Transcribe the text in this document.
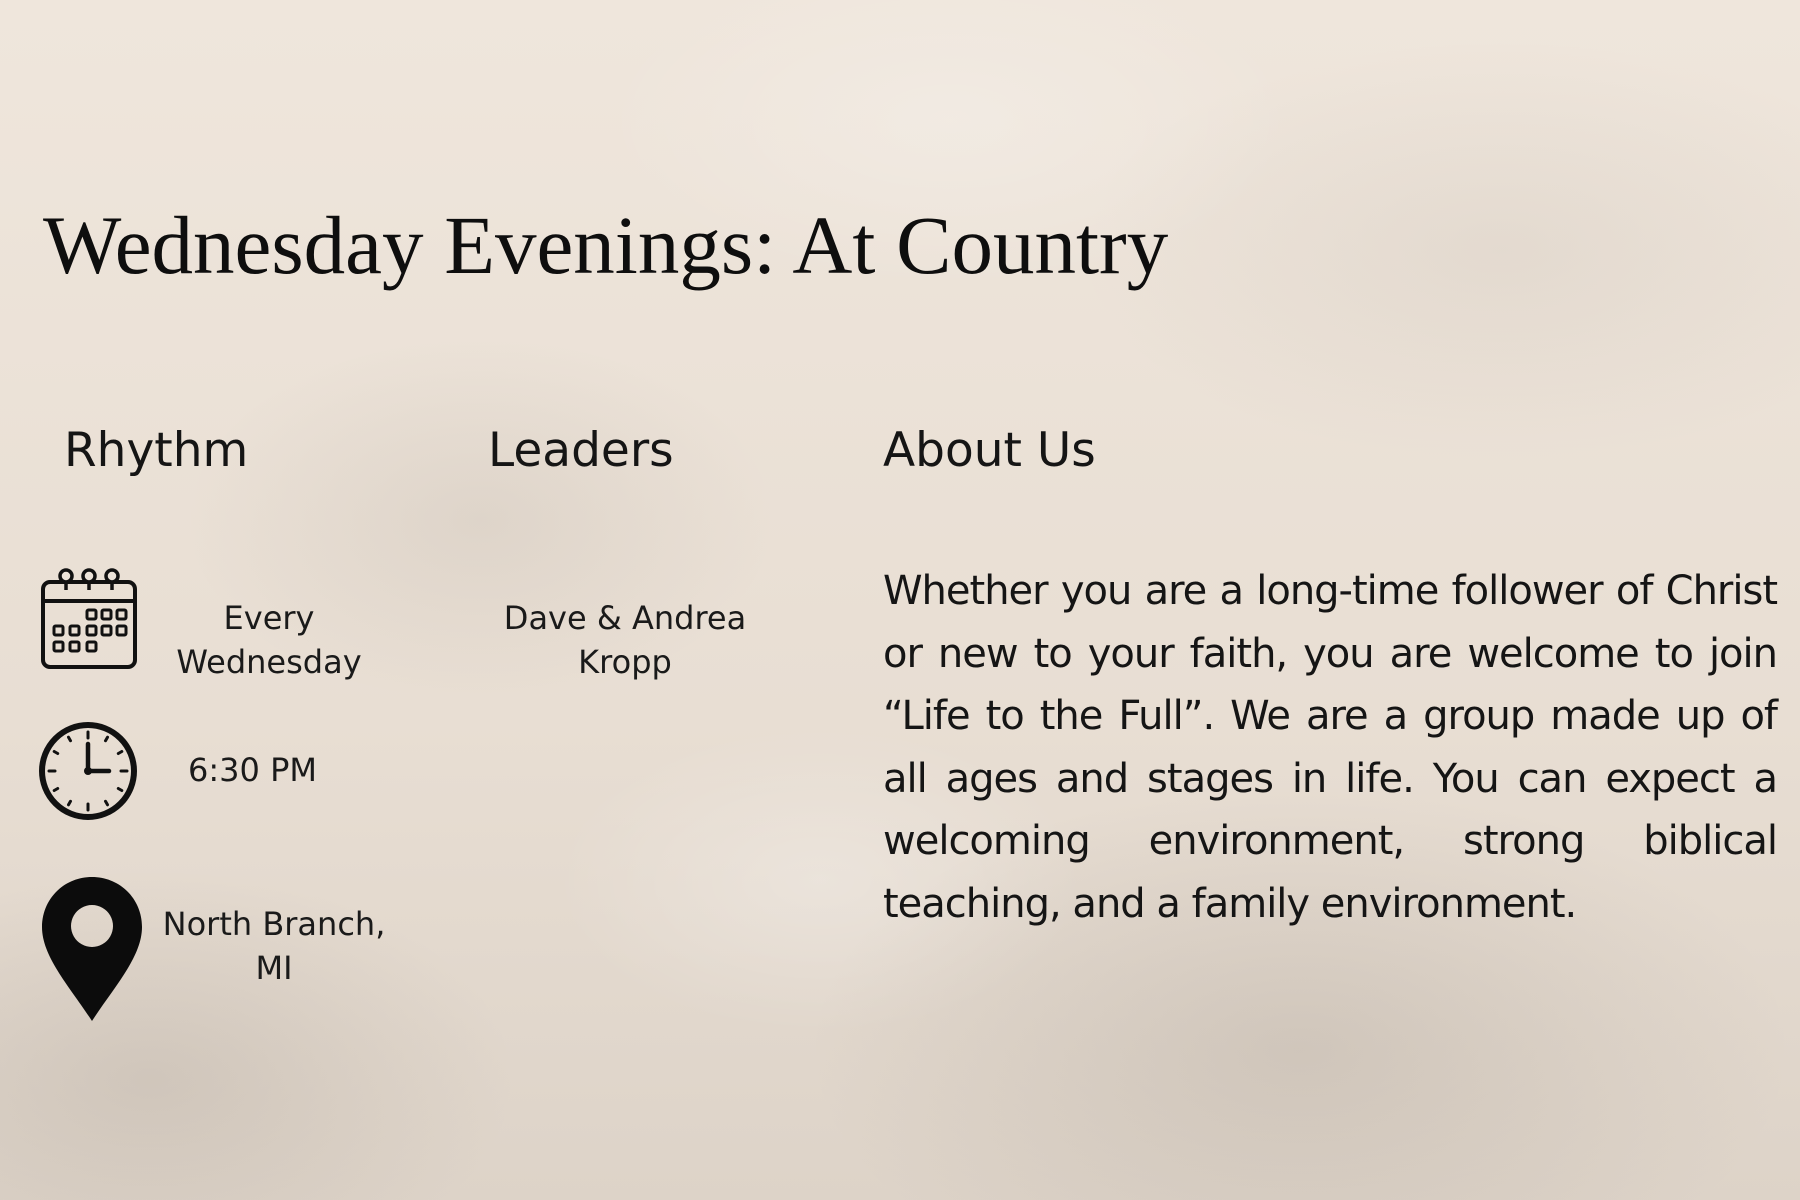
Wednesday Evenings: At Country
Rhythm	Leaders	About Us
Every Wednesday
6:30 PM
North Branch, MI
Dave & Andrea Kropp

Whether you are a long-time follower of Christ or new to your faith, you are welcome to join “Life to the Full”. We are a group made up of all ages and stages in life. You can expect a welcoming environment, strong biblical teaching, and a family environment.
